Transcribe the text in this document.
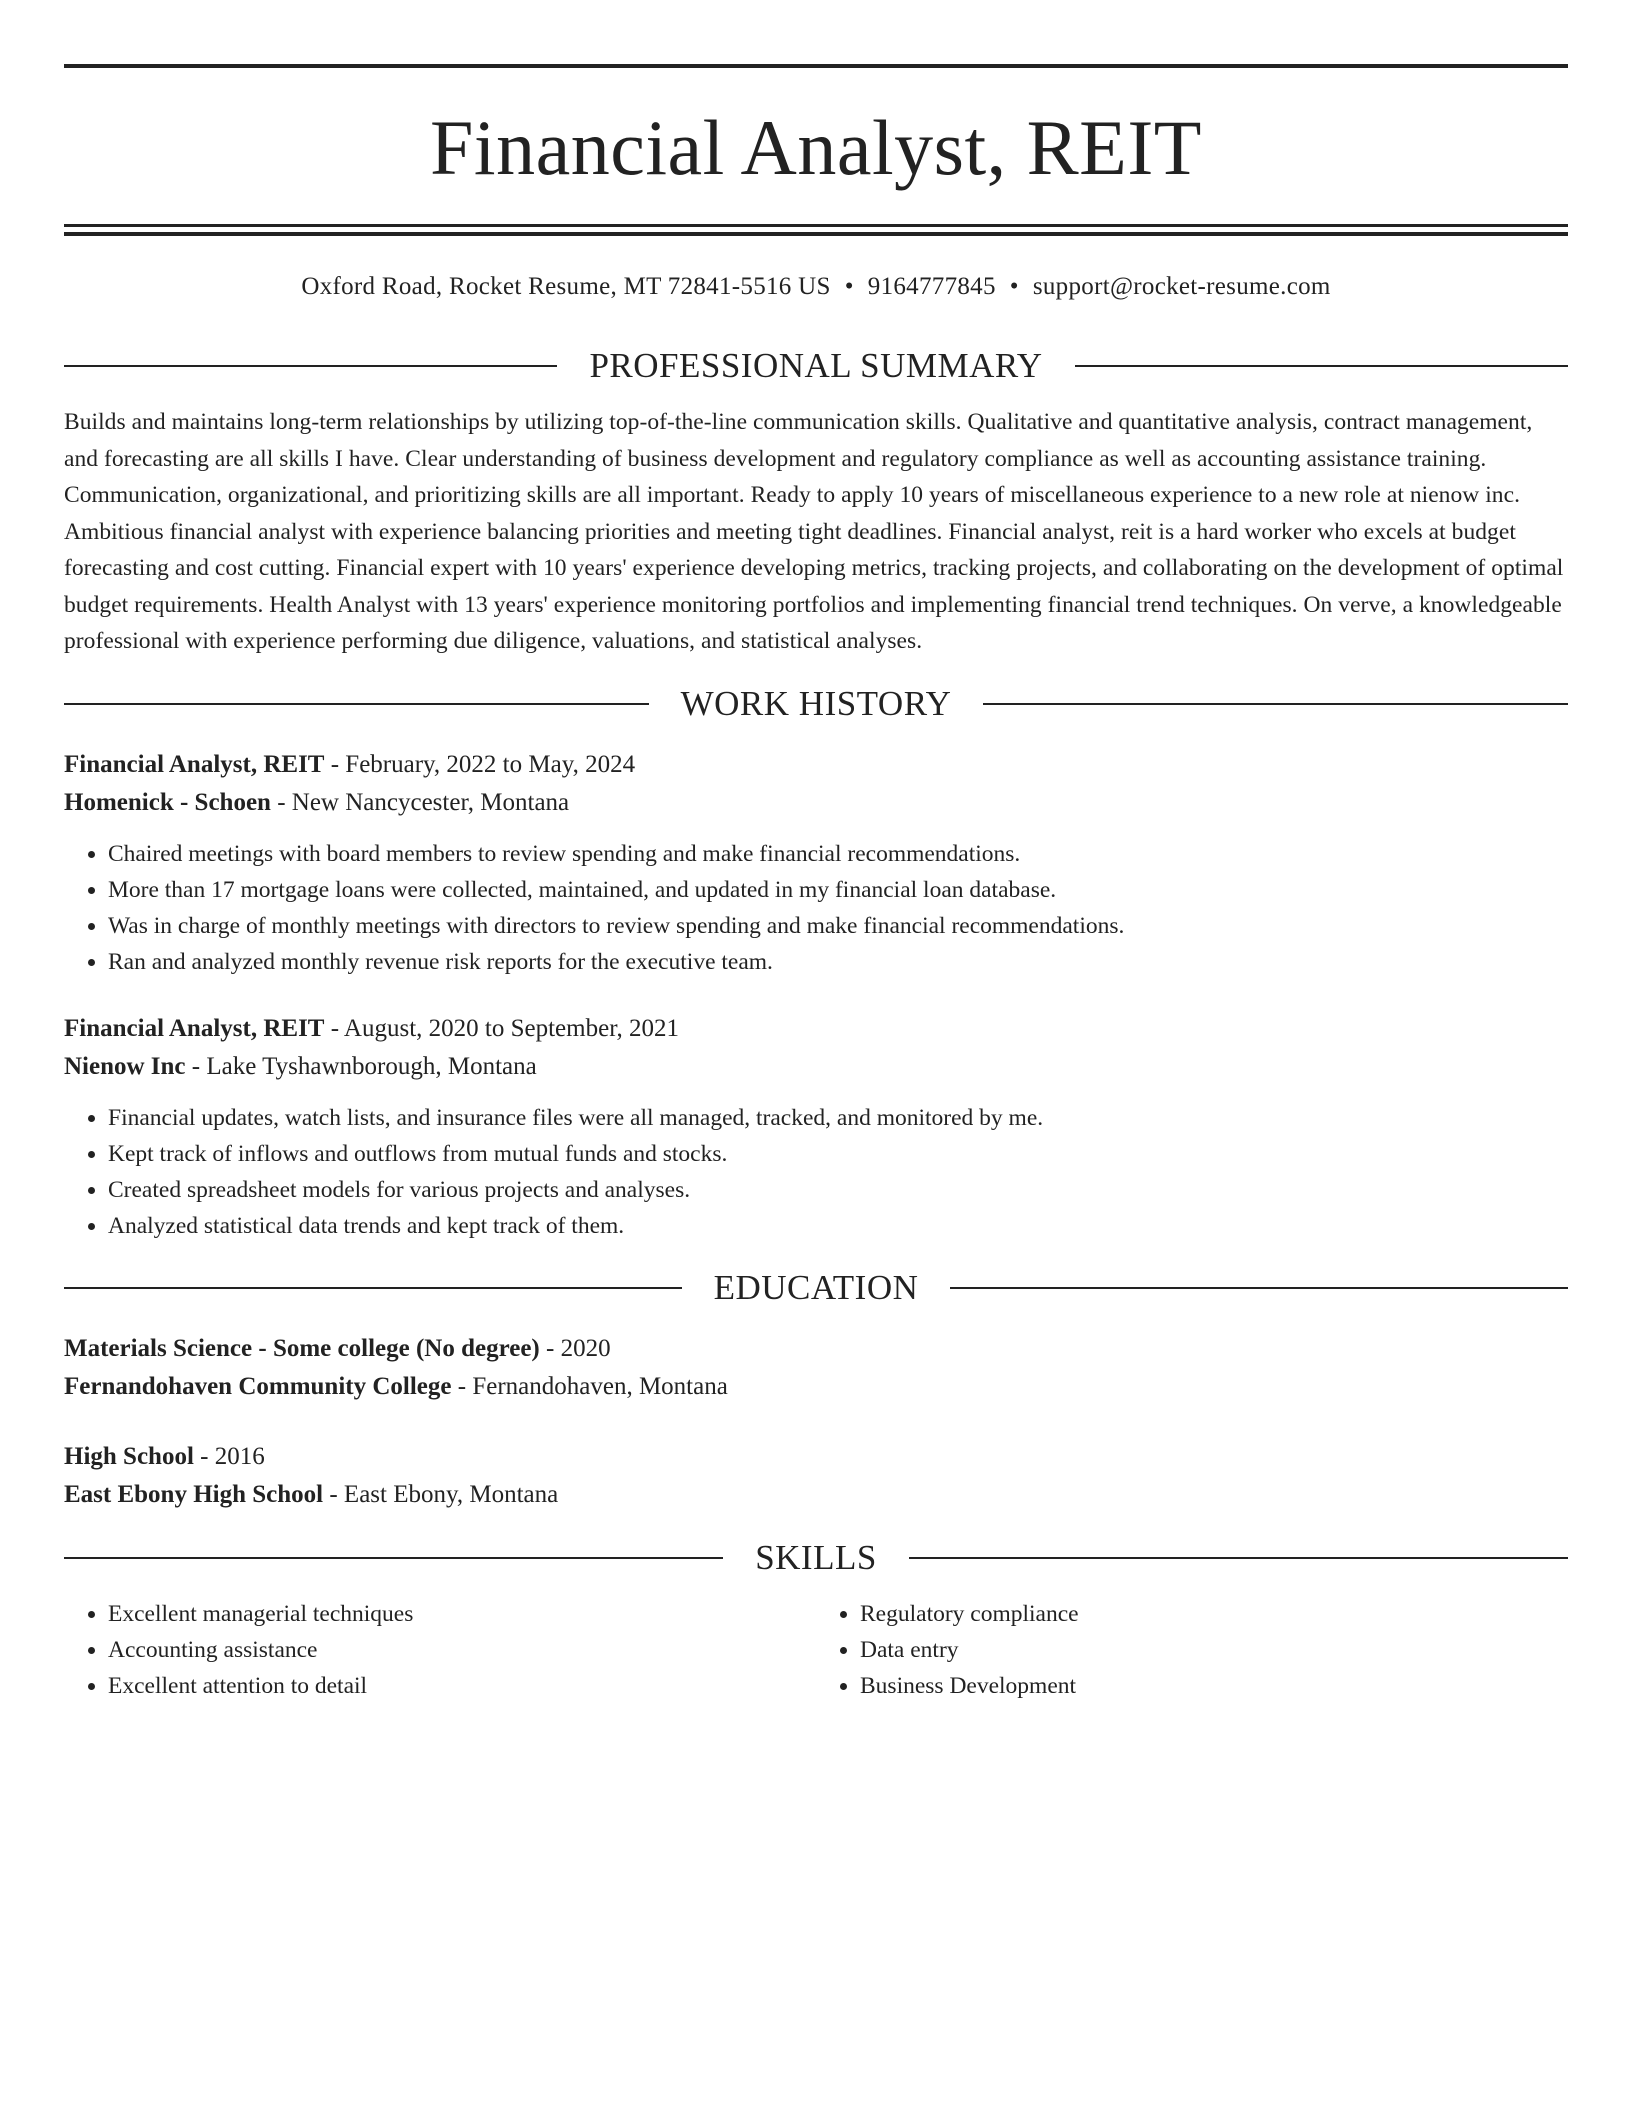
Financial Analyst, REIT
Oxford Road, Rocket Resume, MT 72841-5516 US • 9164777845 • support@rocket-resume.com
PROFESSIONAL SUMMARY

Builds and maintains long-term relationships by utilizing top-of-the-line communication skills. Qualitative and quantitative analysis, contract management, and forecasting are all skills I have. Clear understanding of business development and regulatory compliance as well as accounting assistance training. Communication, organizational, and prioritizing skills are all important. Ready to apply 10 years of miscellaneous experience to a new role at nienow inc. Ambitious financial analyst with experience balancing priorities and meeting tight deadlines. Financial analyst, reit is a hard worker who excels at budget forecasting and cost cutting. Financial expert with 10 years' experience developing metrics, tracking projects, and collaborating on the development of optimal budget requirements. Health Analyst with 13 years' experience monitoring portfolios and implementing financial trend techniques. On verve, a knowledgeable professional with experience performing due diligence, valuations, and statistical analyses.

WORK HISTORY

Financial Analyst, REIT - February, 2022 to May, 2024

Homenick - Schoen - New Nancycester, Montana

• Chaired meetings with board members to review spending and make financial recommendations.
• More than 17 mortgage loans were collected, maintained, and updated in my financial loan database.
• Was in charge of monthly meetings with directors to review spending and make financial recommendations.
• Ran and analyzed monthly revenue risk reports for the executive team.

Financial Analyst, REIT - August, 2020 to September, 2021

Nienow Inc - Lake Tyshawnborough, Montana

• Financial updates, watch lists, and insurance files were all managed, tracked, and monitored by me.
• Kept track of inflows and outflows from mutual funds and stocks.
• Created spreadsheet models for various projects and analyses.
• Analyzed statistical data trends and kept track of them.
EDUCATION

Materials Science - Some college (No degree) - 2020

Fernandohaven Community College - Fernandohaven, Montana

High School - 2016

East Ebony High School - East Ebony, Montana

SKILLS
• Excellent managerial techniques
• Accounting assistance
• Excellent attention to detail
• Regulatory compliance
• Data entry
• Business Development
